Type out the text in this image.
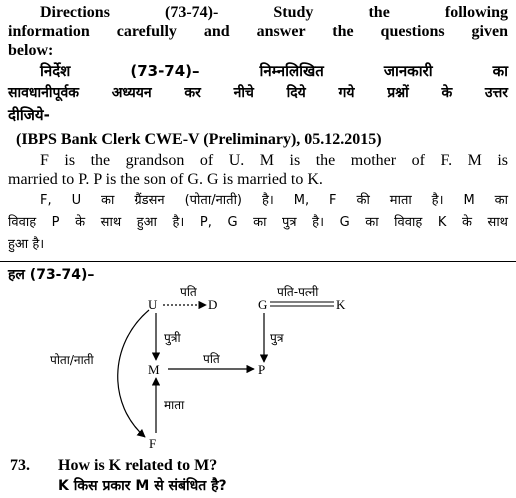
Directions (73-74)- Study the following
information carefully and answer the questions given
below:
निर्देश (73-74)– निम्नलिखित जानकारी का
सावधानीपूर्वक अध्ययन कर नीचे दिये गये प्रश्नों के उत्तर
दीजिये-
(IBPS Bank Clerk CWE-V (Preliminary), 05.12.2015)
F is the grandson of U. M is the mother of F. M is
married to P. P is the son of G. G is married to K.
F, U का ग्रैंडसन (पोता/नाती) है। M, F की माता है। M का
विवाह P के साथ हुआ है। P, G का पुत्र है। G का विवाह K के साथ
हुआ है।
हल (73-74)–
U	D	G	K
M	P
F
पति	पति-पत्नी
पुत्री	पुत्र
पति
माता
पोता/नाती
73.	How is K related to M?
K किस प्रकार M से संबंधित है?
